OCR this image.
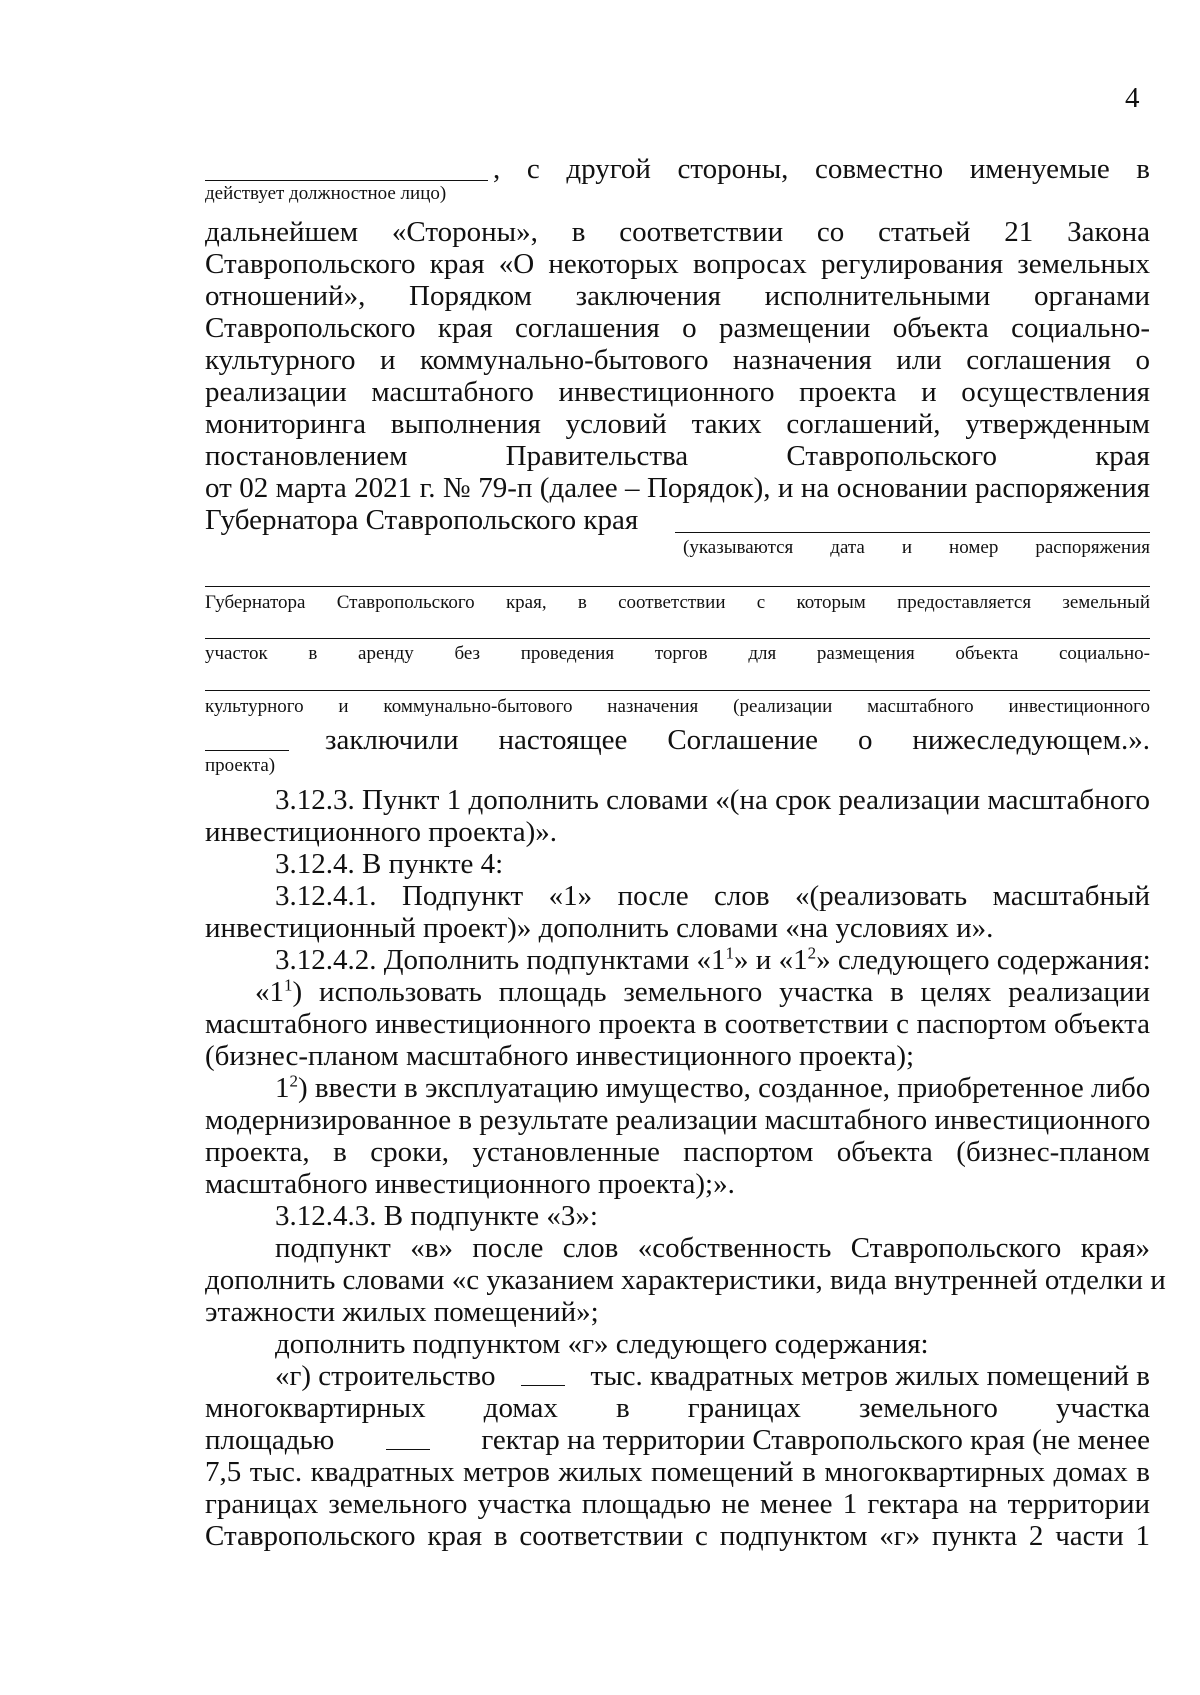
4
, с другой стороны, совместно именуемые в
действует должностное лицо)
дальнейшем «Стороны», в соответствии со статьей 21 Закона
Ставропольского края «О некоторых вопросах регулирования земельных
отношений», Порядком заключения исполнительными органами
Ставропольского края соглашения о размещении объекта социально-
культурного и коммунально-бытового назначения или соглашения о
реализации масштабного инвестиционного проекта и осуществления
мониторинга выполнения условий таких соглашений, утвержденным
постановлением Правительства Ставропольского края
от 02 марта 2021 г. № 79-п (далее – Порядок), и на основании распоряжения
Губернатора Ставропольского края
(указываются дата и номер распоряжения
Губернатора Ставропольского края, в соответствии с которым предоставляется земельный
участок в аренду без проведения торгов для размещения объекта социально-
культурного и коммунально-бытового назначения (реализации масштабного инвестиционного
заключили настоящее Соглашение о нижеследующем.».
проекта)
3.12.3. Пункт 1 дополнить словами «(на срок реализации масштабного
инвестиционного проекта)».
3.12.4. В пункте 4:
3.12.4.1. Подпункт «1» после слов «(реализовать масштабный
инвестиционный проект)» дополнить словами «на условиях и».
3.12.4.2. Дополнить подпунктами «$1^1$» и «$1^2$» следующего содержания:
«$1^1$) использовать площадь земельного участка в целях реализации
масштабного инвестиционного проекта в соответствии с паспортом объекта
(бизнес-планом масштабного инвестиционного проекта);
$1^2$) ввести в эксплуатацию имущество, созданное, приобретенное либо
модернизированное в результате реализации масштабного инвестиционного
проекта, в сроки, установленные паспортом объекта (бизнес-планом
масштабного инвестиционного проекта);».
3.12.4.3. В подпункте «3»:
подпункт «в» после слов «собственность Ставропольского края»
дополнить словами «с указанием характеристики, вида внутренней отделки и
этажности жилых помещений»;
дополнить подпунктом «г» следующего содержания:
«г) строительство	тыс. квадратных метров жилых помещений в
многоквартирных домах в границах земельного участка
площадью	гектар на территории Ставропольского края (не менее
7,5 тыс. квадратных метров жилых помещений в многоквартирных домах в
границах земельного участка площадью не менее 1 гектара на территории
Ставропольского края в соответствии с подпунктом «г» пункта 2 части 1
